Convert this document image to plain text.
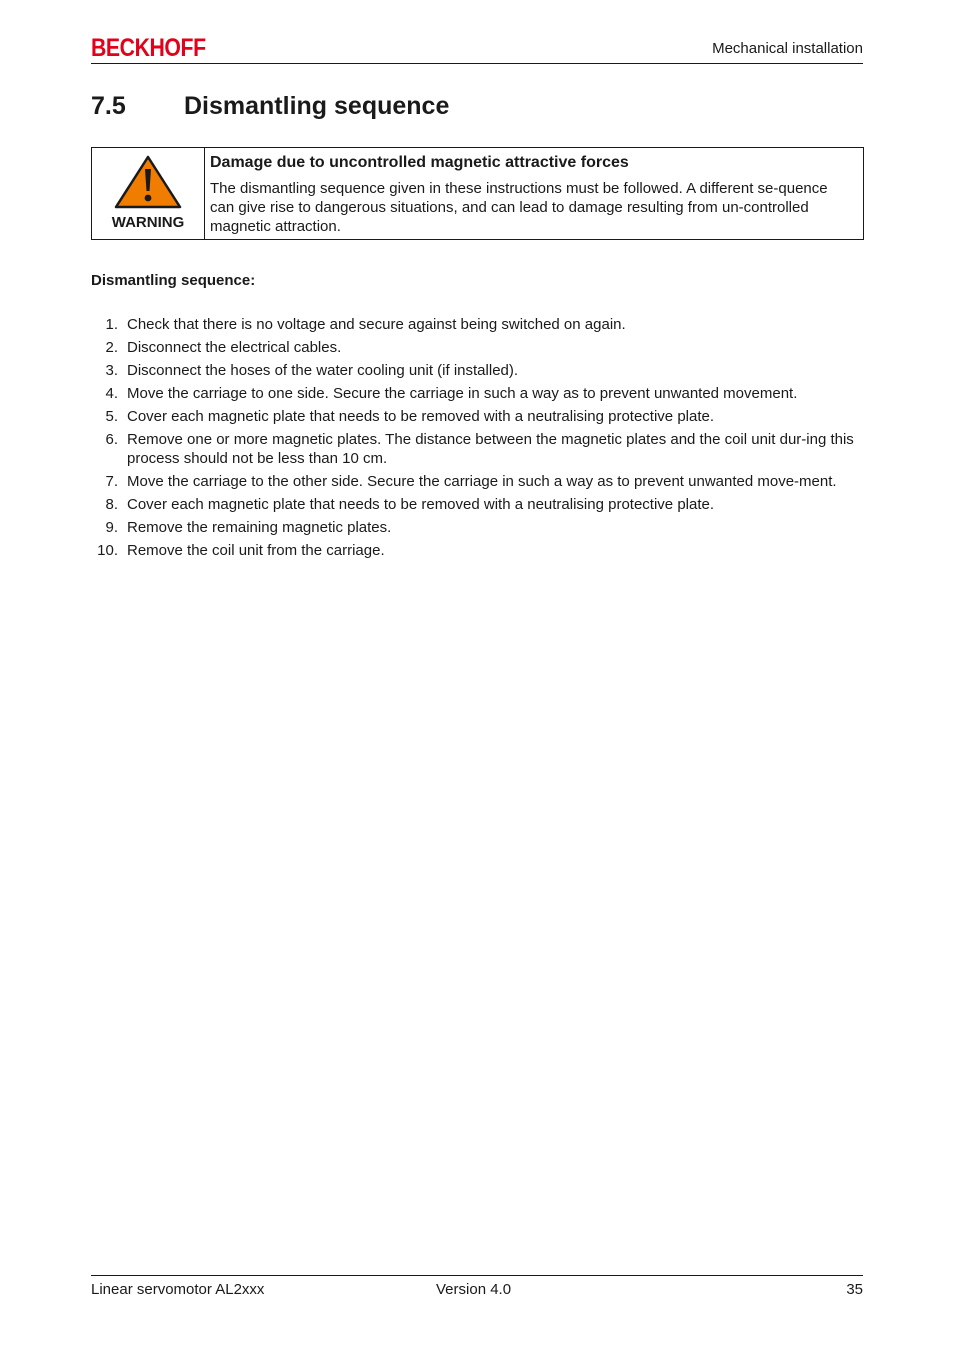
BECKHOFF	Mechanical installation
7.5	Dismantling sequence
WARNING
Damage due to uncontrolled magnetic attractive forces
The dismantling sequence given in these instructions must be followed. A different se-quence can give rise to dangerous situations, and can lead to damage resulting from un-controlled magnetic attraction.
Dismantling sequence:
1. Check that there is no voltage and secure against being switched on again.
2. Disconnect the electrical cables.
3. Disconnect the hoses of the water cooling unit (if installed).
4. Move the carriage to one side. Secure the carriage in such a way as to prevent unwanted movement.
5. Cover each magnetic plate that needs to be removed with a neutralising protective plate.
6. Remove one or more magnetic plates. The distance between the magnetic plates and the coil unit dur-ing this process should not be less than 10 cm.
7. Move the carriage to the other side. Secure the carriage in such a way as to prevent unwanted move-ment.
8. Cover each magnetic plate that needs to be removed with a neutralising protective plate.
9. Remove the remaining magnetic plates.
10. Remove the coil unit from the carriage.
Linear servomotor AL2xxx	Version 4.0	35
